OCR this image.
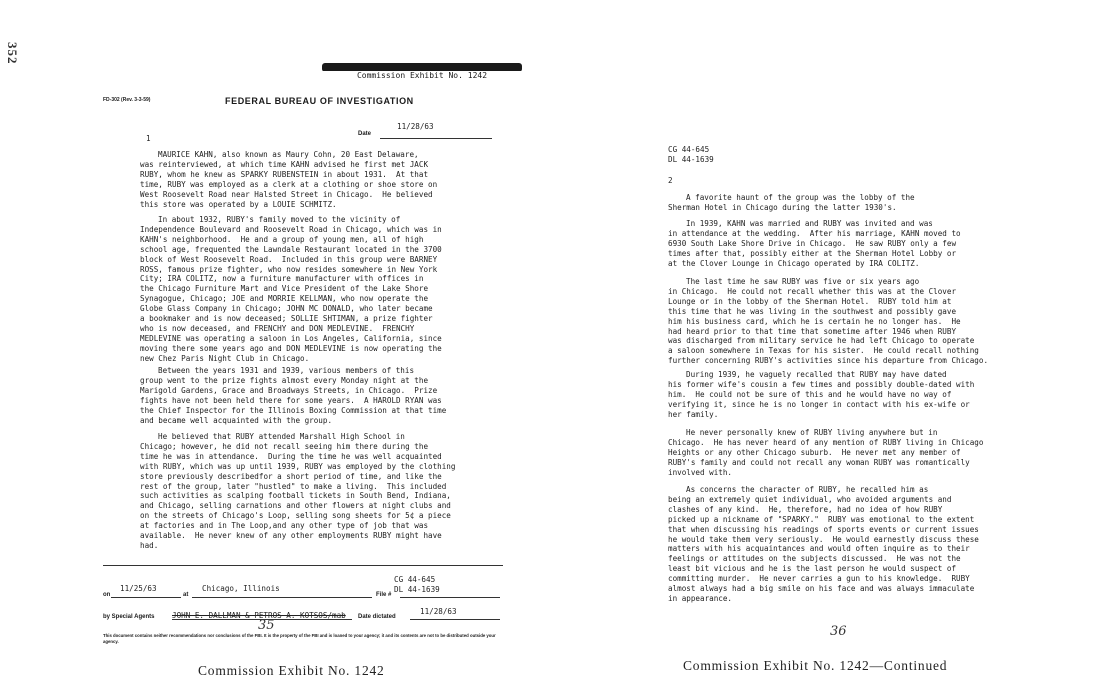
352
Commission Exhibit No. 1242
FD-302 (Rev. 3-3-59)	FEDERAL BUREAU OF INVESTIGATION
1	Date
11/28/63

MAURICE KAHN, also known as Maury Cohn, 20 East Delaware,
was reinterviewed, at which time KAHN advised he first met JACK
RUBY, whom he knew as SPARKY RUBENSTEIN in about 1931.  At that
time, RUBY was employed as a clerk at a clothing or shoe store on
West Roosevelt Road near Halsted Street in Chicago.  He believed
this store was operated by a LOUIE SCHMITZ.

In about 1932, RUBY's family moved to the vicinity of
Independence Boulevard and Roosevelt Road in Chicago, which was in
KAHN's neighborhood.  He and a group of young men, all of high
school age, frequented the Lawndale Restaurant located in the 3700
block of West Roosevelt Road.  Included in this group were BARNEY
ROSS, famous prize fighter, who now resides somewhere in New York
City; IRA COLITZ, now a furniture manufacturer with offices in
the Chicago Furniture Mart and Vice President of the Lake Shore
Synagogue, Chicago; JOE and MORRIE KELLMAN, who now operate the
Globe Glass Company in Chicago; JOHN MC DONALD, who later became
a bookmaker and is now deceased; SOLLIE SHTIMAN, a prize fighter
who is now deceased, and FRENCHY and DON MEDLEVINE.  FRENCHY
MEDLEVINE was operating a saloon in Los Angeles, California, since
moving there some years ago and DON MEDLEVINE is now operating the
new Chez Paris Night Club in Chicago.

Between the years 1931 and 1939, various members of this
group went to the prize fights almost every Monday night at the
Marigold Gardens, Grace and Broadways Streets, in Chicago.  Prize
fights have not been held there for some years.  A HAROLD RYAN was
the Chief Inspector for the Illinois Boxing Commission at that time
and became well acquainted with the group.

He believed that RUBY attended Marshall High School in
Chicago; however, he did not recall seeing him there during the
time he was in attendance.  During the time he was well acquainted
with RUBY, which was up until 1939, RUBY was employed by the clothing
store previously describedfor a short period of time, and like the
rest of the group, later "hustled" to make a living.  This included
such activities as scalping football tickets in South Bend, Indiana,
and Chicago, selling carnations and other flowers at night clubs and
on the streets of Chicago's Loop, selling song sheets for 5¢ a piece
at factories and in The Loop,and any other type of job that was
available.  He never knew of any other employments RUBY might have
had.

CG 44-645
DL 44-1639
on
11/25/63
at
Chicago, Illinois
File #
by Special Agents JOHN E. DALLMAN & PETROS A. KOTSOS/mab Date dictated
11/28/63
35
This document contains neither recommendations nor conclusions of the FBI. It is the property of the FBI and is loaned to your agency; it and its contents are not to be distributed outside your agency.
Commission Exhibit No. 1242
CG 44-645
DL 44-1639
2

A favorite haunt of the group was the lobby of the
Sherman Hotel in Chicago during the latter 1930's.

In 1939, KAHN was married and RUBY was invited and was
in attendance at the wedding.  After his marriage, KAHN moved to
6930 South Lake Shore Drive in Chicago.  He saw RUBY only a few
times after that, possibly either at the Sherman Hotel Lobby or
at the Clover Lounge in Chicago operated by IRA COLITZ.

The last time he saw RUBY was five or six years ago
in Chicago.  He could not recall whether this was at the Clover
Lounge or in the lobby of the Sherman Hotel.  RUBY told him at
this time that he was living in the southwest and possibly gave
him his business card, which he is certain he no longer has.  He
had heard prior to that time that sometime after 1946 when RUBY
was discharged from military service he had left Chicago to operate
a saloon somewhere in Texas for his sister.  He could recall nothing
further concerning RUBY's activities since his departure from Chicago.

During 1939, he vaguely recalled that RUBY may have dated
his former wife's cousin a few times and possibly double-dated with
him.  He could not be sure of this and he would have no way of
verifying it, since he is no longer in contact with his ex-wife or
her family.

He never personally knew of RUBY living anywhere but in
Chicago.  He has never heard of any mention of RUBY living in Chicago
Heights or any other Chicago suburb.  He never met any member of
RUBY's family and could not recall any woman RUBY was romantically
involved with.

As concerns the character of RUBY, he recalled him as
being an extremely quiet individual, who avoided arguments and
clashes of any kind.  He, therefore, had no idea of how RUBY
picked up a nickname of "SPARKY."  RUBY was emotional to the extent
that when discussing his readings of sports events or current issues
he would take them very seriously.  He would earnestly discuss these
matters with his acquaintances and would often inquire as to their
feelings or attitudes on the subjects discussed.  He was not the
least bit vicious and he is the last person he would suspect of
committing murder.  He never carries a gun to his knowledge.  RUBY
almost always had a big smile on his face and was always immaculate
in appearance.

36
Commission Exhibit No. 1242—Continued
